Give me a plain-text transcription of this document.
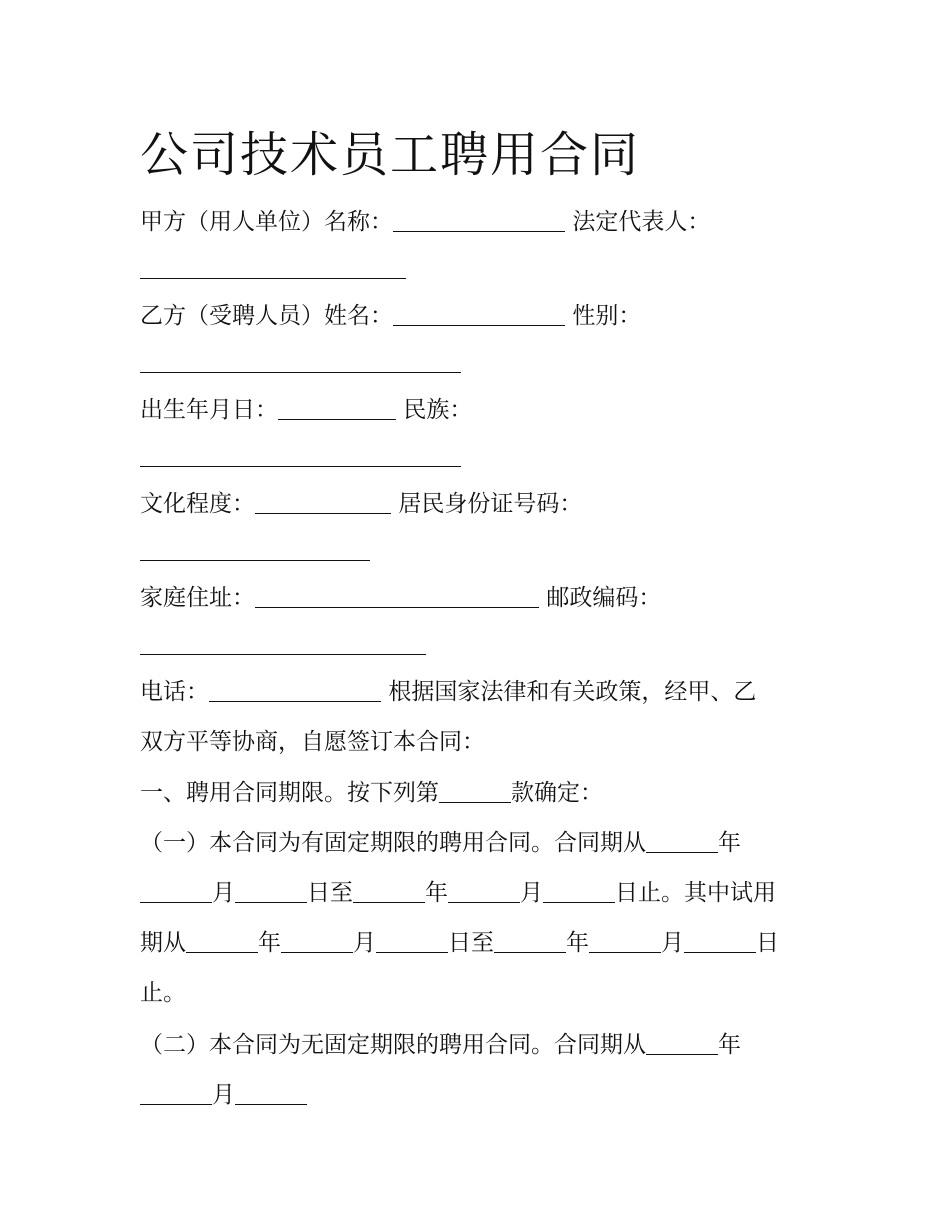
公司技术员工聘用合同

甲方（用人单位）名称：	法定代表人：

乙方（受聘人员）姓名：	性别：

出生年月日：	民族：

文化程度：	居民身份证号码：

家庭住址：	邮政编码：

电话：	根据国家法律和有关政策，经甲、乙

双方平等协商，自愿签订本合同：

一、聘用合同期限。按下列第	款确定：

（一）本合同为有固定期限的聘用合同。合同期从	年

月	日至	年	月	日止。其中试用

期从	年	月	日至	年	月	日

止。

（二）本合同为无固定期限的聘用合同。合同期从	年

月
